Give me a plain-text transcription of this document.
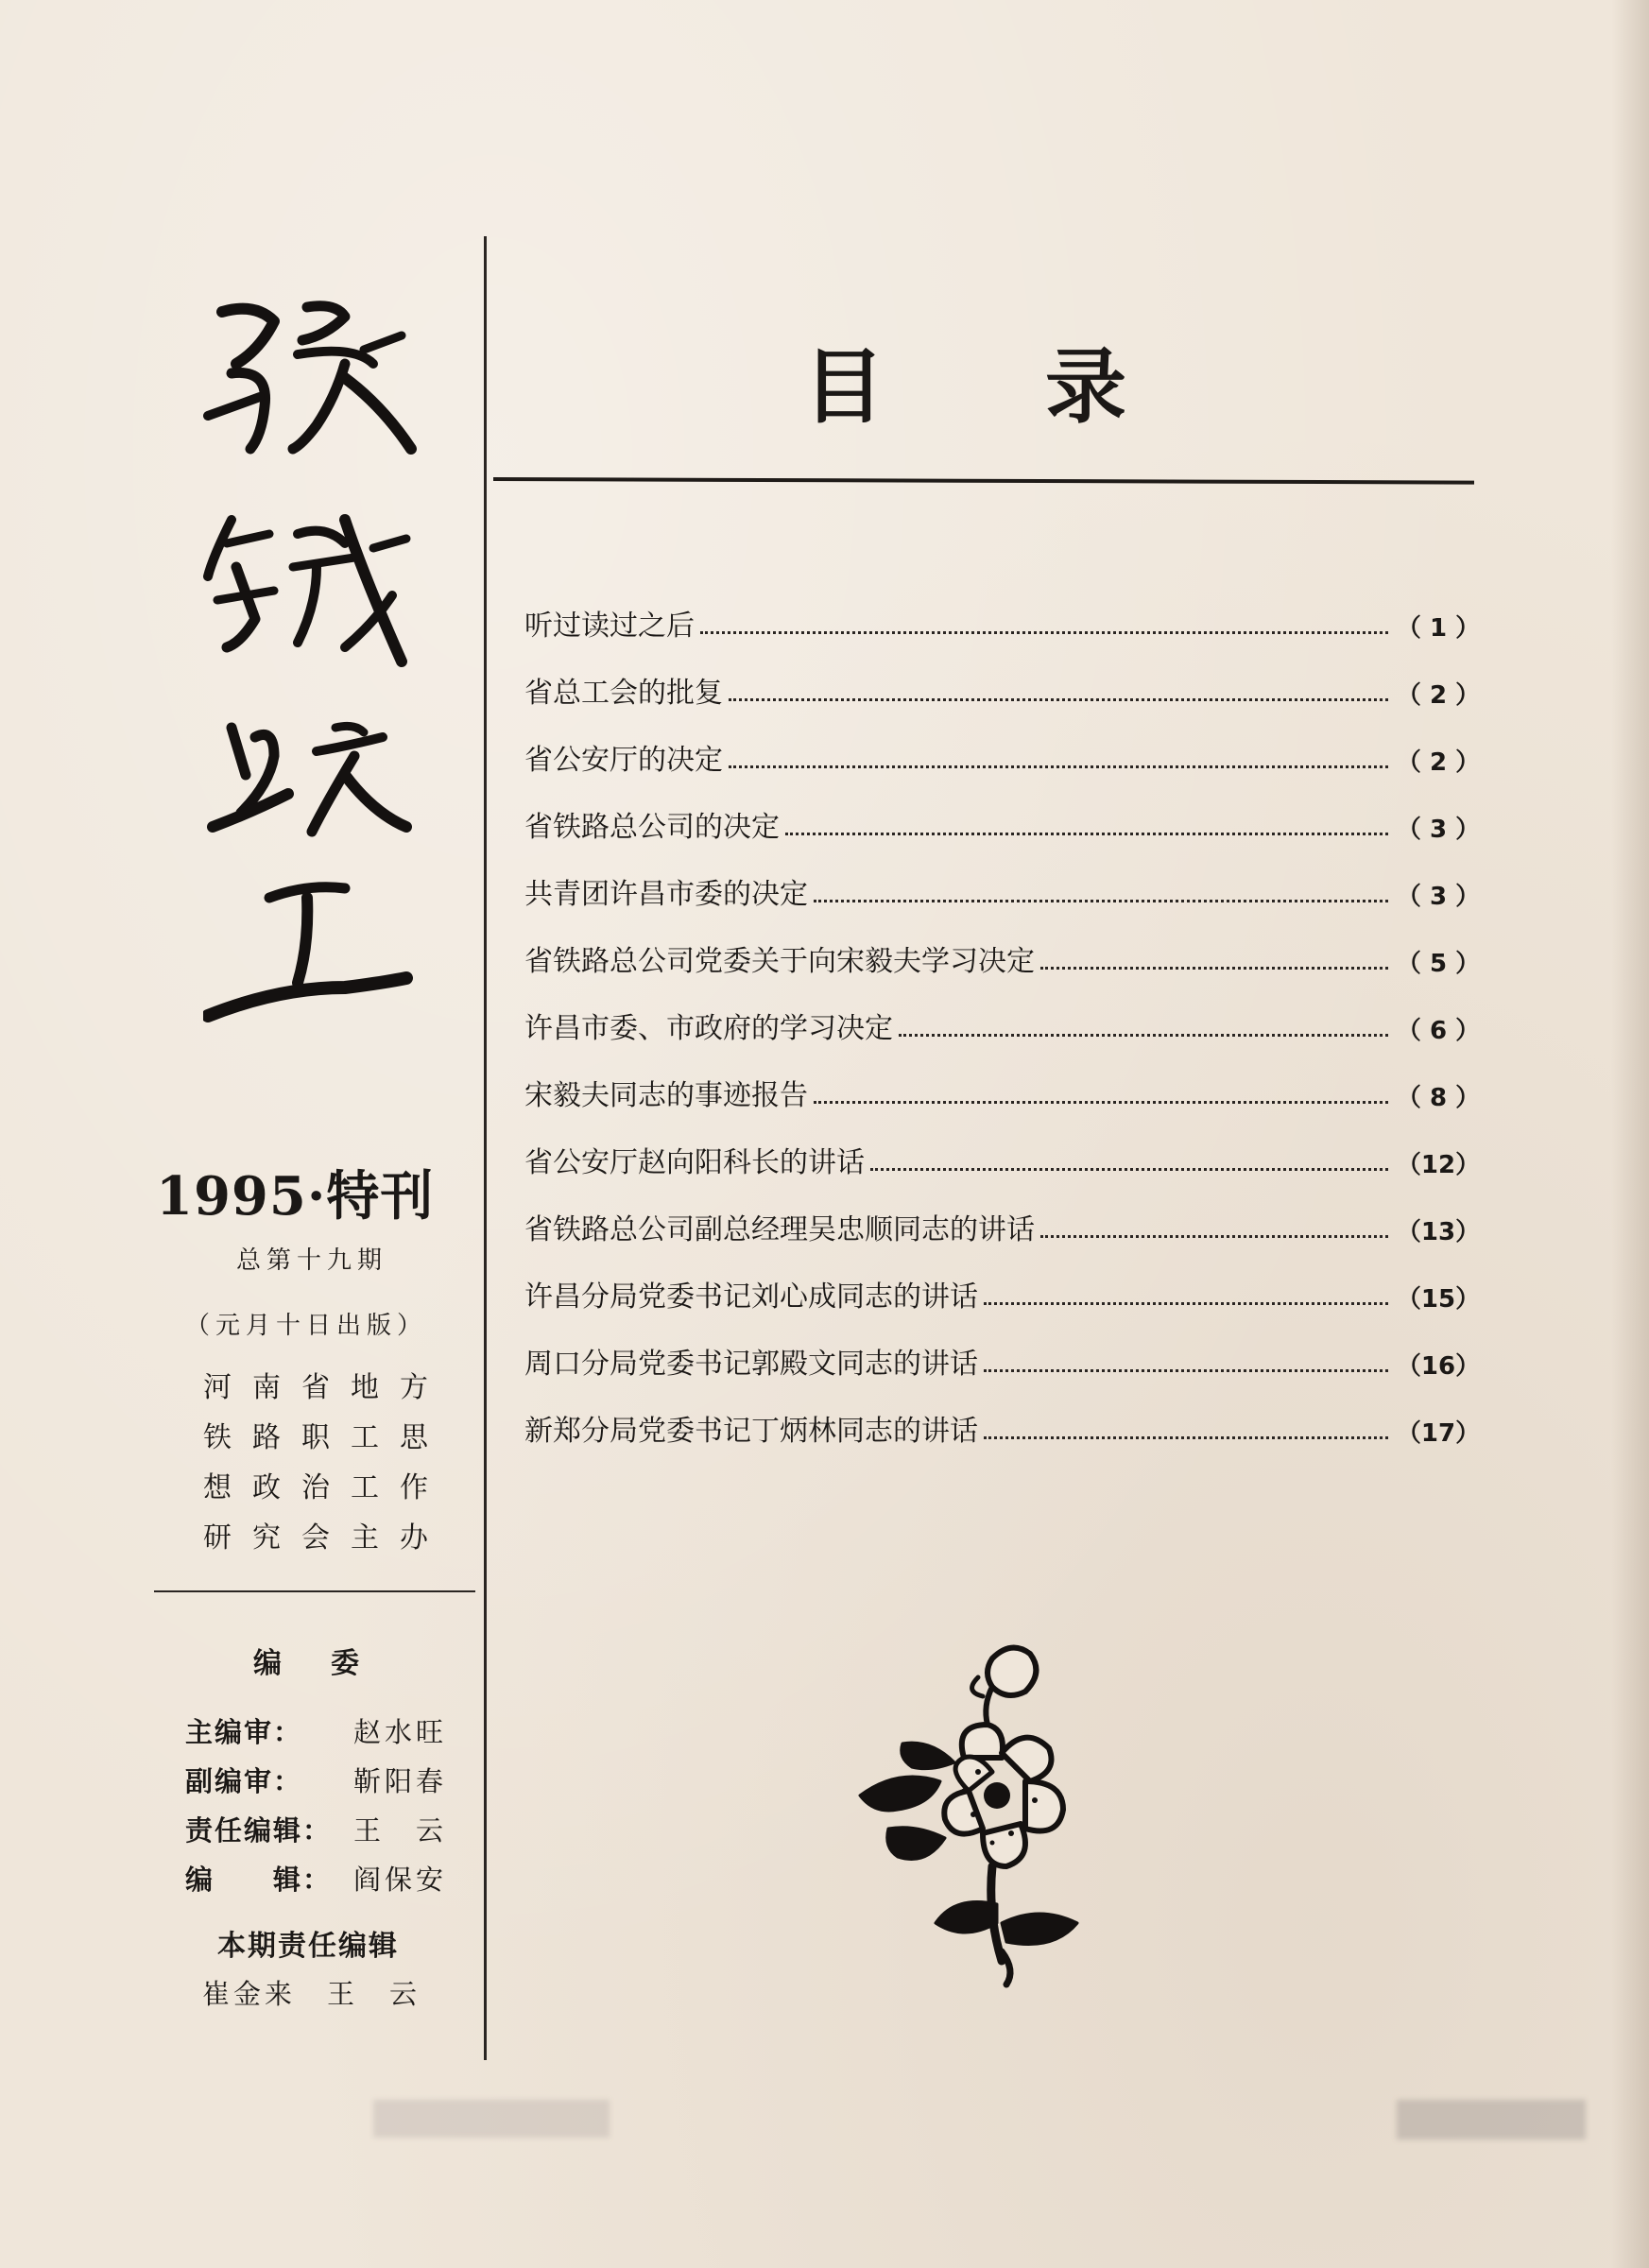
1995·特刊
总第十九期
（元月十日出版）
河南省地方
铁路职工思
想政治工作
研究会主办
编委
主编审：	赵水旺
副编审：	靳阳春
责任编辑： 王　云
编　　辑： 阎保安
本期责任编辑
崔金来　王　云
目录
听过读过之后	（ 1 ）
省总工会的批复	（ 2 ）
省公安厅的决定	（ 2 ）
省铁路总公司的决定	（ 3 ）
共青团许昌市委的决定	（ 3 ）
省铁路总公司党委关于向宋毅夫学习决定	（ 5 ）
许昌市委、市政府的学习决定	（ 6 ）
宋毅夫同志的事迹报告	（ 8 ）
省公安厅赵向阳科长的讲话	（12）
省铁路总公司副总经理吴忠顺同志的讲话	（13）
许昌分局党委书记刘心成同志的讲话	（15）
周口分局党委书记郭殿文同志的讲话	（16）
新郑分局党委书记丁炳林同志的讲话	（17）
